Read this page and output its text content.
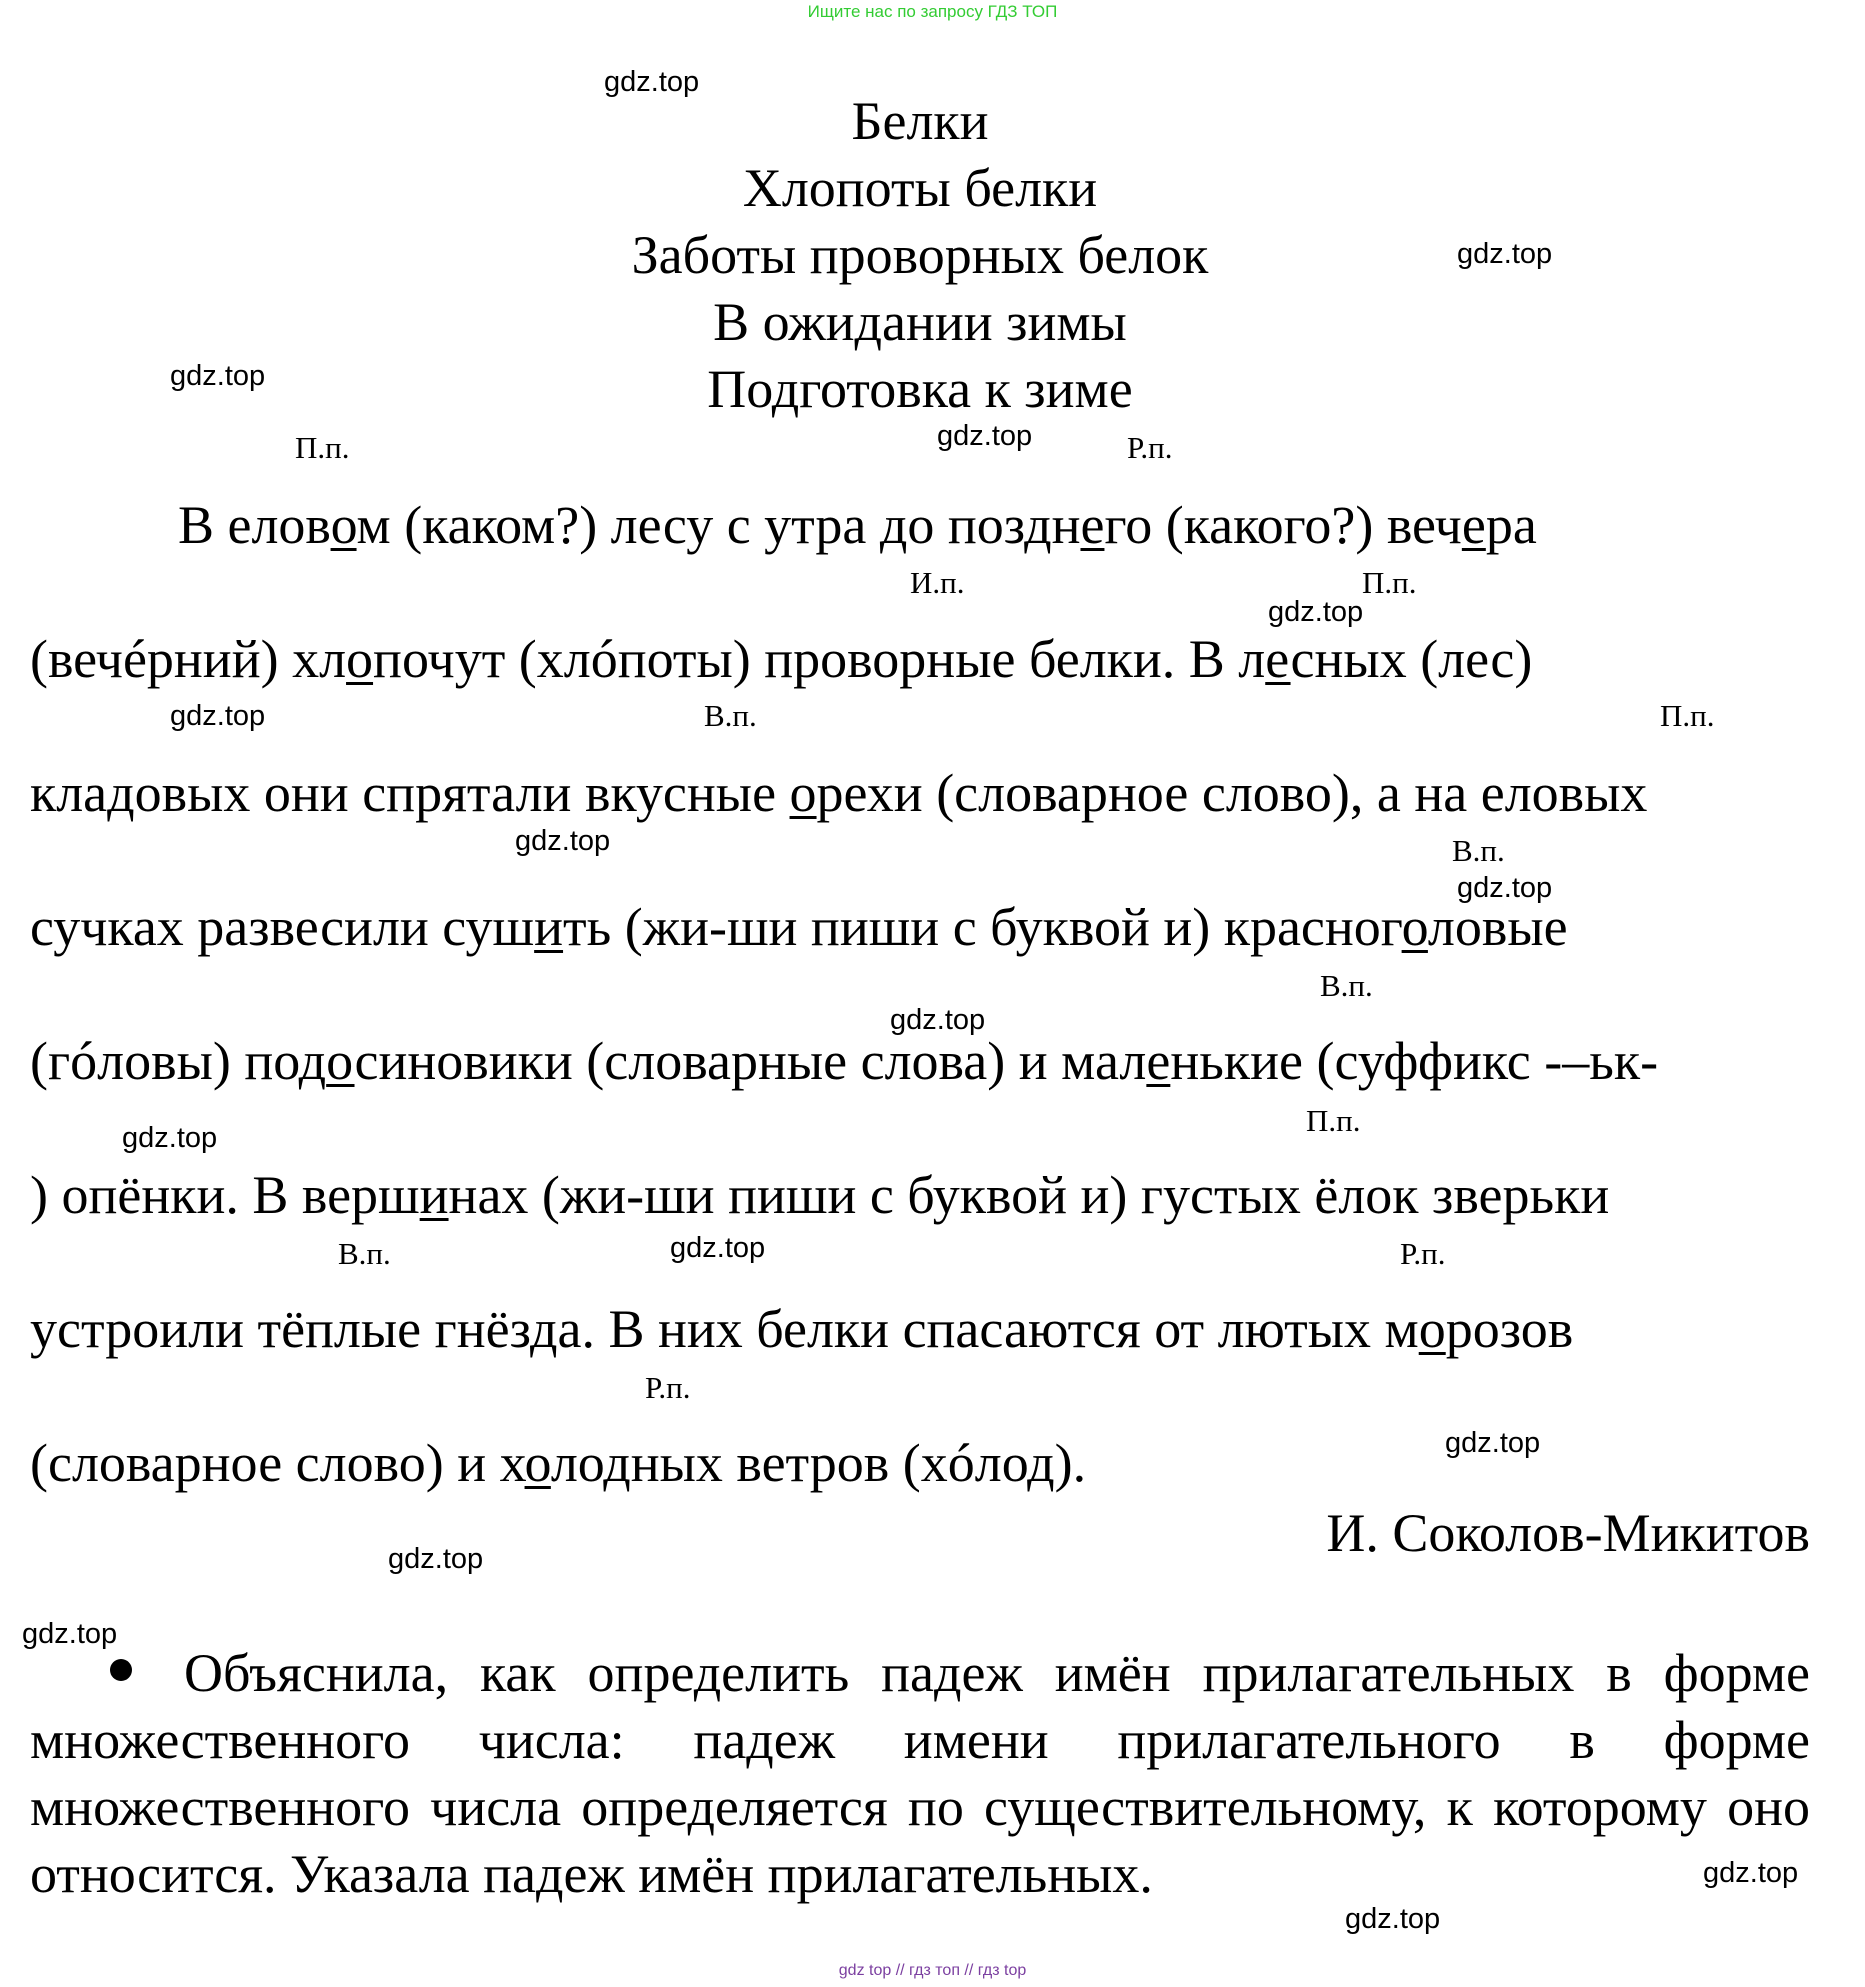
Ищите нас по запросу ГДЗ ТОП
gdz.top
gdz.top
gdz.top
gdz.top
gdz.top
gdz.top
gdz.top
gdz.top
gdz.top
gdz.top
gdz.top
gdz.top
gdz.top
gdz.top
gdz.top
gdz.top
Белки
Хлопоты белки
Заботы проворных белок
В ожидании зимы
Подготовка к зиме
П.п.	Р.п.
И.п.	П.п.
В.п.	П.п.
В.п.
В.п.
П.п.
В.п.	Р.п.
Р.п.
В еловом (каком?) лесу с утра до позднего (какого?) вечера
(вечéрний) хлопочут (хлóпоты) проворные белки. В лесных (лес)
кладовых они спрятали вкусные орехи (словарное слово), а на еловых
сучках развесили сушить (жи-ши пиши с буквой и) красноголовые
(гóловы) подосиновики (словарные слова) и маленькие (суффикс -–ьк-
) опёнки. В вершинах (жи-ши пиши с буквой и) густых ёлок зверьки
устроили тёплые гнёзда. В них белки спасаются от лютых морозов
(словарное слово) и холодных ветров (хóлод).
И. Соколов-Микитов
Объяснила, как определить падеж имён прилагательных в форме множественного числа: падеж имени прилагательного в форме множественного числа определяется по существительному, к которому оно относится. Указала падеж имён прилагательных.
gdz top // гдз топ // гдз top
